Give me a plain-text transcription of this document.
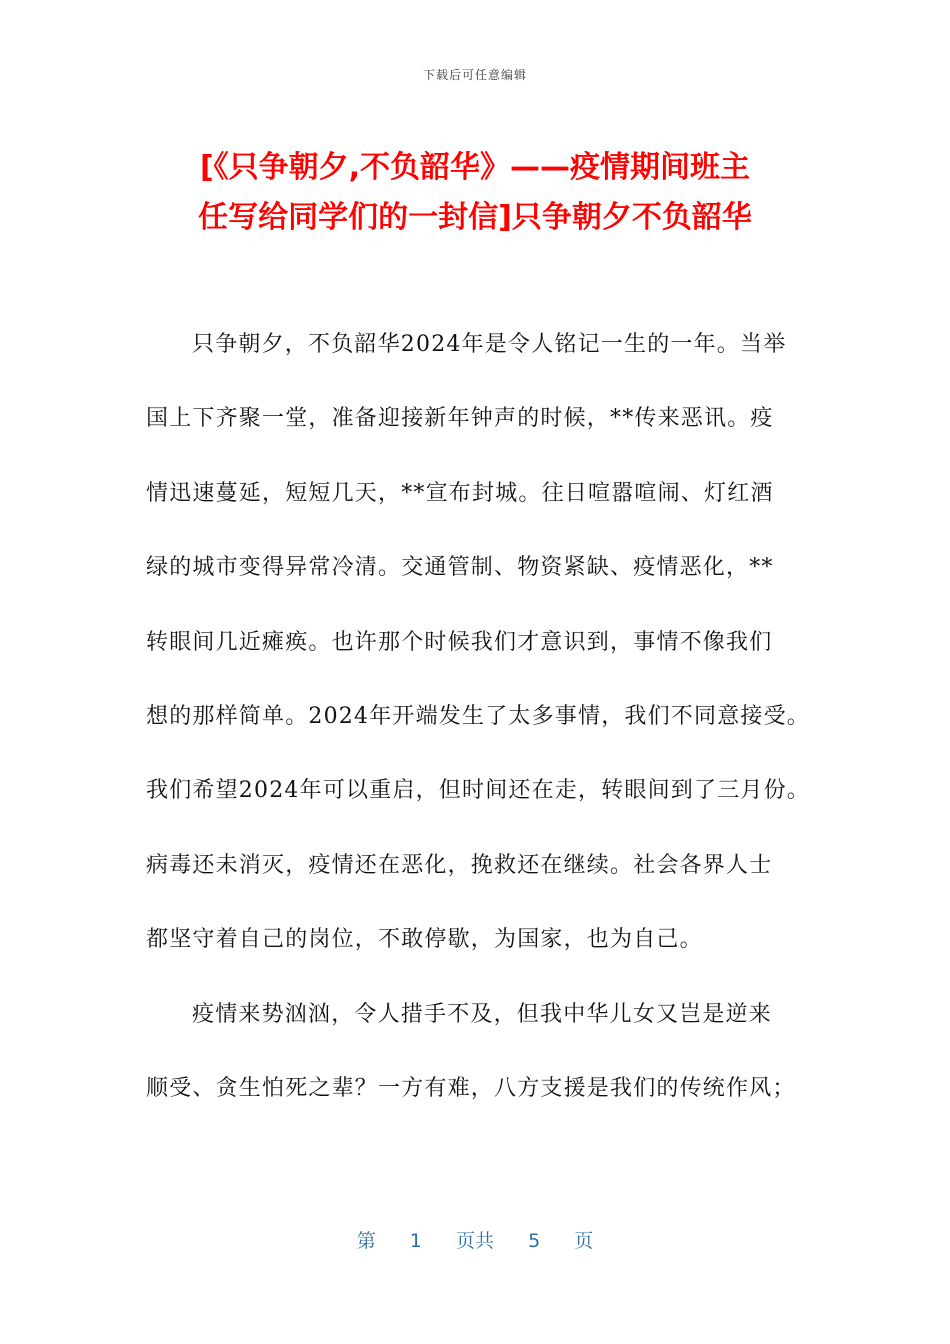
下载后可任意编辑
[《只争朝夕,不负韶华》——疫情期间班主
任写给同学们的一封信]只争朝夕不负韶华
只争朝夕，不负韶华2024年是令人铭记一生的一年。当举
国上下齐聚一堂，准备迎接新年钟声的时候，**传来恶讯。疫
情迅速蔓延，短短几天，**宣布封城。往日喧嚣喧闹、灯红酒
绿的城市变得异常冷清。交通管制、物资紧缺、疫情恶化，**
转眼间几近瘫痪。也许那个时候我们才意识到，事情不像我们
想的那样简单。2024年开端发生了太多事情，我们不同意接受。
我们希望2024年可以重启，但时间还在走，转眼间到了三月份。
病毒还未消灭，疫情还在恶化，挽救还在继续。社会各界人士
都坚守着自己的岗位，不敢停歇，为国家，也为自己。
疫情来势汹汹，令人措手不及，但我中华儿女又岂是逆来
顺受、贪生怕死之辈？一方有难，八方支援是我们的传统作风；
第 1 页共 5 页
